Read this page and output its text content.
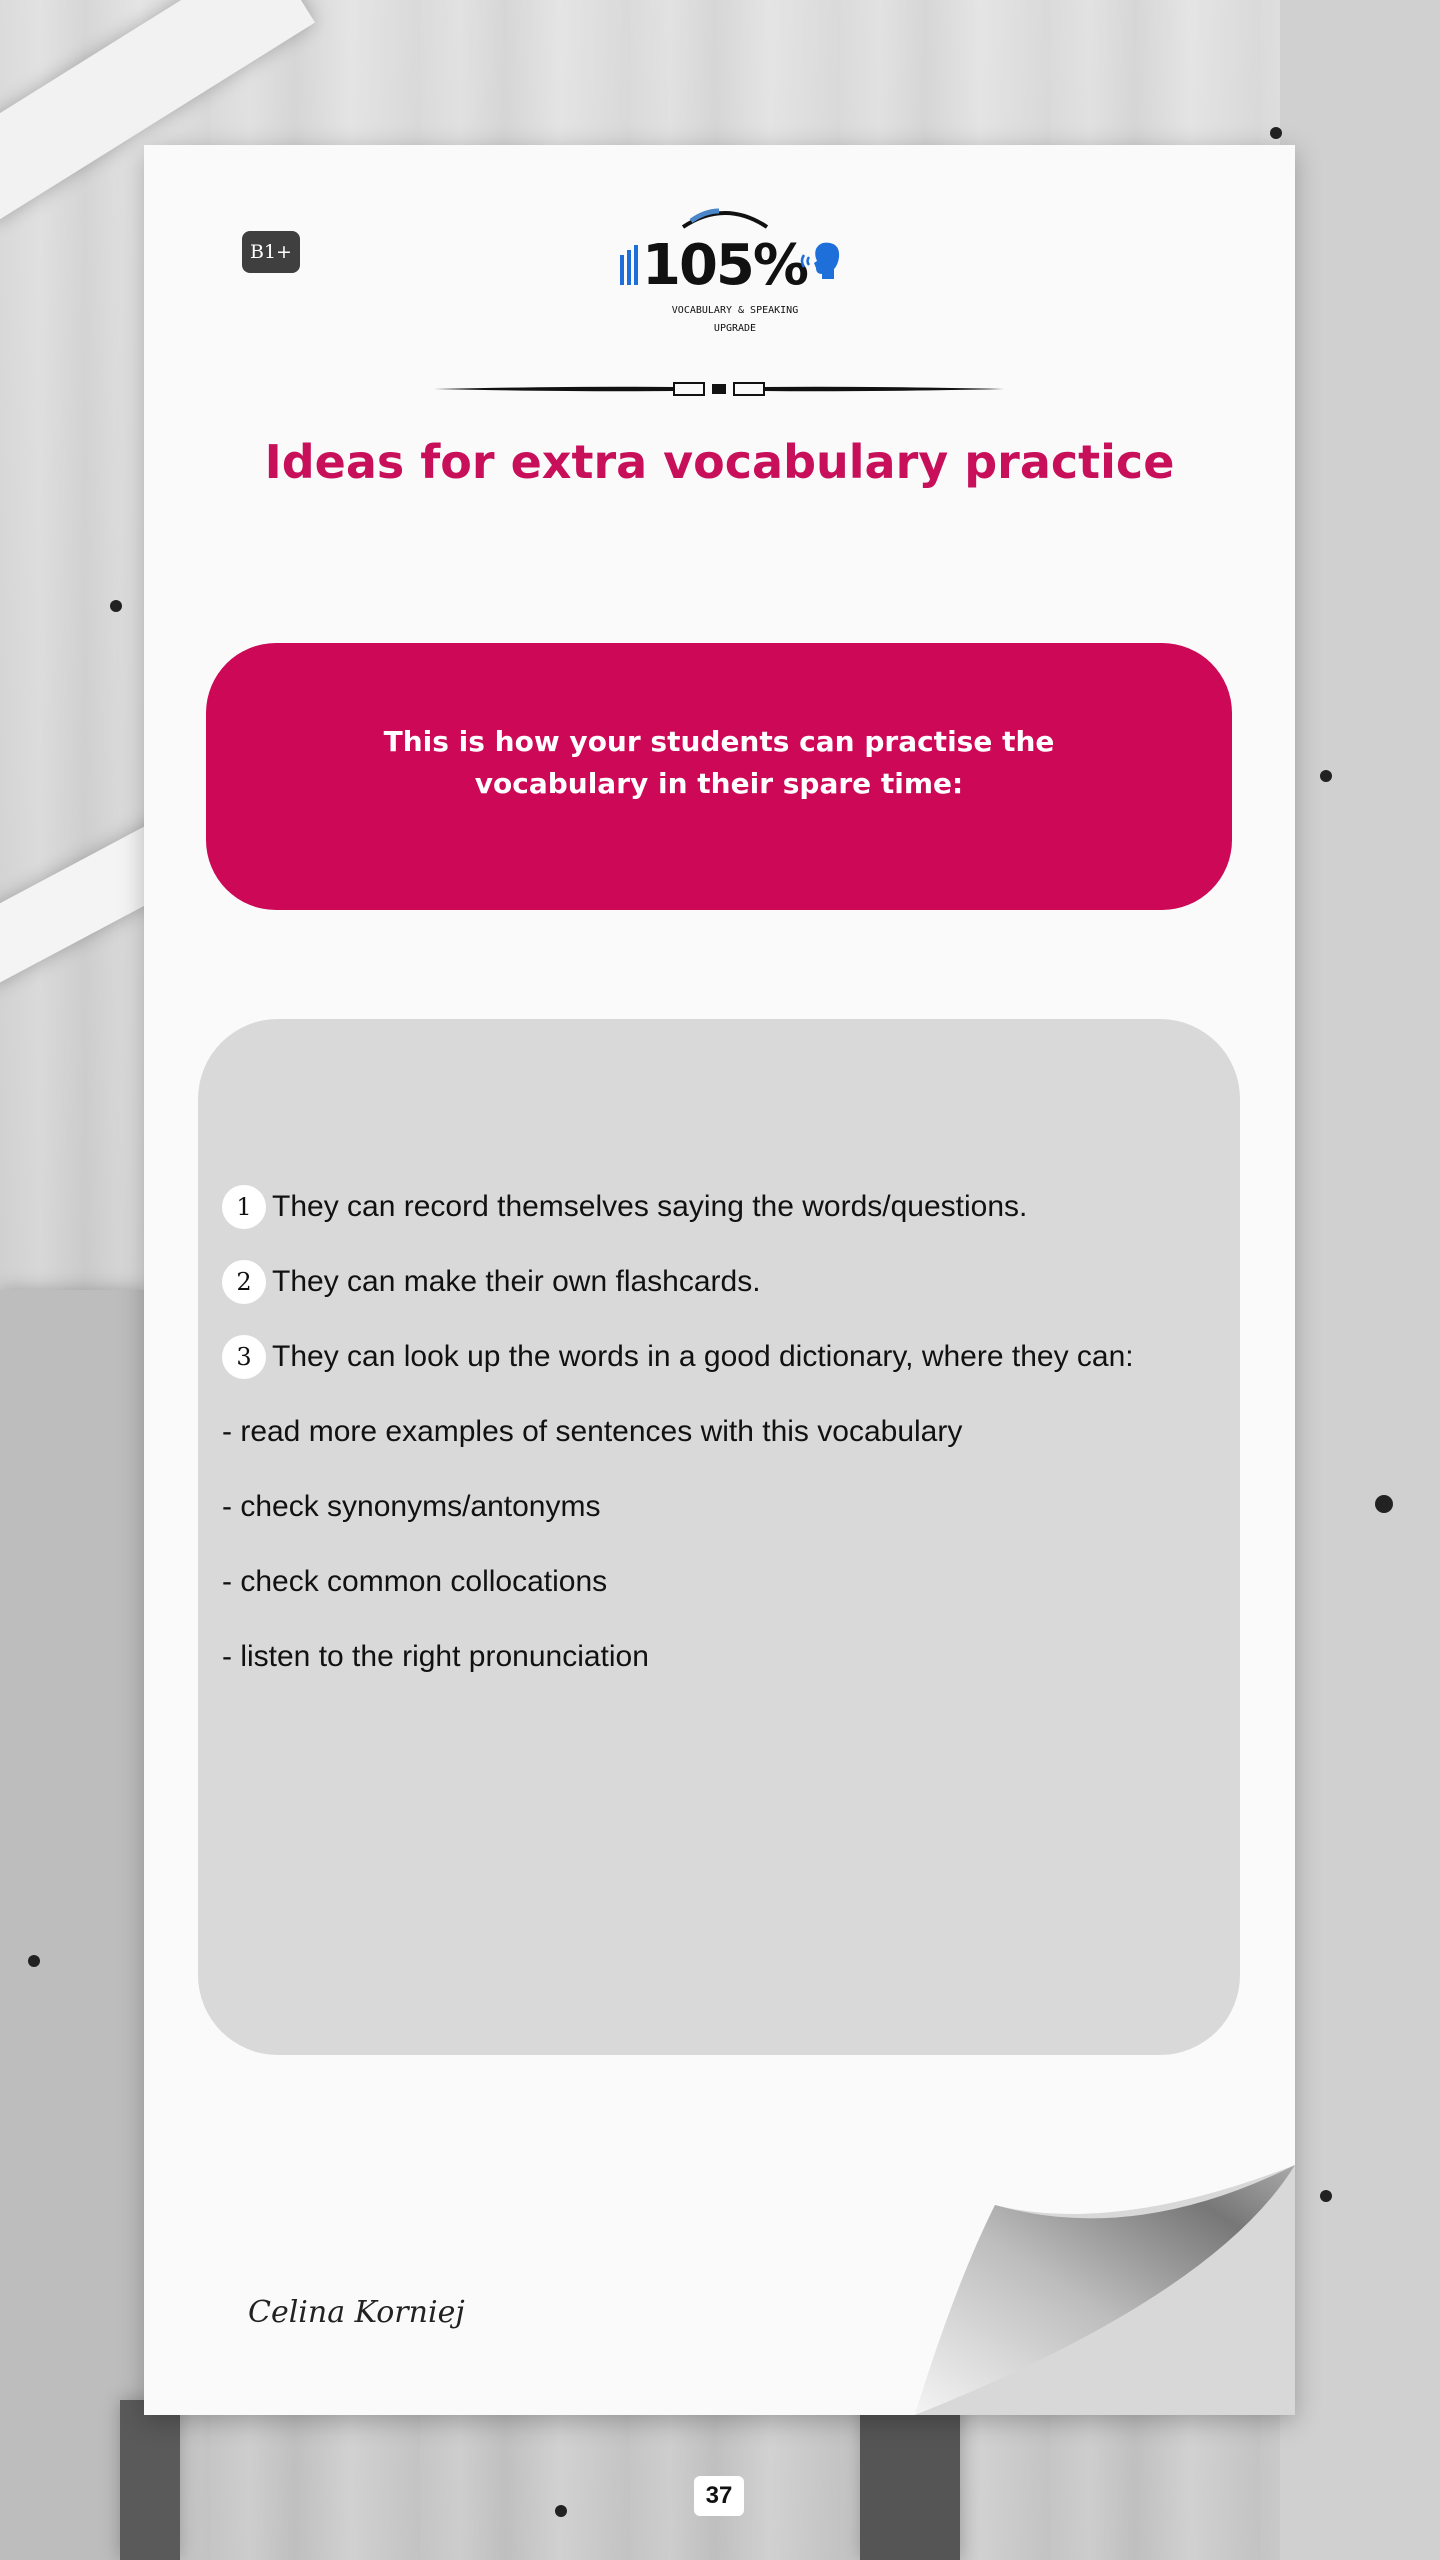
B1+	105%
VOCABULARY & SPEAKING
UPGRADE
Ideas for extra vocabulary practice

This is how your students can practise the vocabulary in their spare time:

1 They can record themselves saying the words/questions.
2 They can make their own flashcards.
3 They can look up the words in a good dictionary, where they can:
- read more examples of sentences with this vocabulary
- check synonyms/antonyms
- check common collocations
- listen to the right pronunciation
Celina Korniej
37
